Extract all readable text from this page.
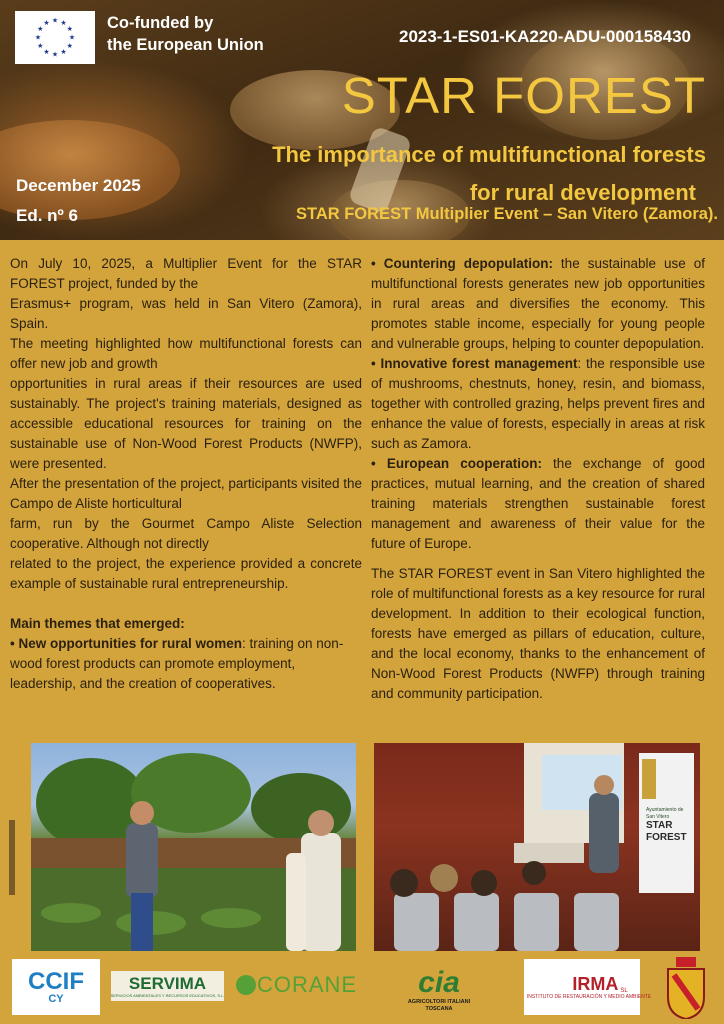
★
★
★
★
★
★
★
★
★ ★ ★
★ Co-funded by
the European Union	2023-1-ES01-KA220-ADU-000158430
STAR FOREST
The importance of multifunctional forests
for rural development
December 2025
Ed. nº 6	STAR FOREST Multiplier Event – San Vitero (Zamora).

On July 10, 2025, a Multiplier Event for the STAR FOREST project, funded by the

Erasmus+ program, was held in San Vitero (Zamora), Spain.

The meeting highlighted how multifunctional forests can offer new job and growth

opportunities in rural areas if their resources are used sustainably. The project's training materials, designed as accessible educational resources for training on the sustainable use of Non-Wood Forest Products (NWFP), were presented.

After the presentation of the project, participants visited the Campo de Aliste horticultural

farm, run by the Gourmet Campo Aliste Selection cooperative. Although not directly

related to the project, the experience provided a concrete example of sustainable rural entrepreneurship.

Main themes that emerged:

• New opportunities for rural women: training on non-wood forest products can promote employment, leadership, and the creation of cooperatives.

• Countering depopulation: the sustainable use of multifunctional forests generates new job opportunities in rural areas and diversifies the economy. This promotes stable income, especially for young people and vulnerable groups, helping to counter depopulation.

• Innovative forest management: the responsible use of mushrooms, chestnuts, honey, resin, and biomass, together with controlled grazing, helps prevent fires and enhance the value of forests, especially in areas at risk such as Zamora.

• European cooperation: the exchange of good practices, mutual learning, and the creation of shared training materials strengthen sustainable forest management and awareness of their value for the future of Europe.

The STAR FOREST event in San Vitero highlighted the role of multifunctional forests as a key resource for rural development. In addition to their ecological function, forests have emerged as pillars of education, culture, and the local economy, thanks to the enhancement of Non-Wood Forest Products (NWFP) through training and community participation.

Ayuntamiento de
San Vitero
STAR
FOREST
CCIF
CY
SERVIMA
SERVICIOS AMBIENTALES Y RECURSOS EDUCATIVOS, S.L. CORANE cia
AGRICOLTORI ITALIANI
TOSCANA
IRMA SL
INSTITUTO DE RESTAURACIÓN Y MEDIO AMBIENTE
